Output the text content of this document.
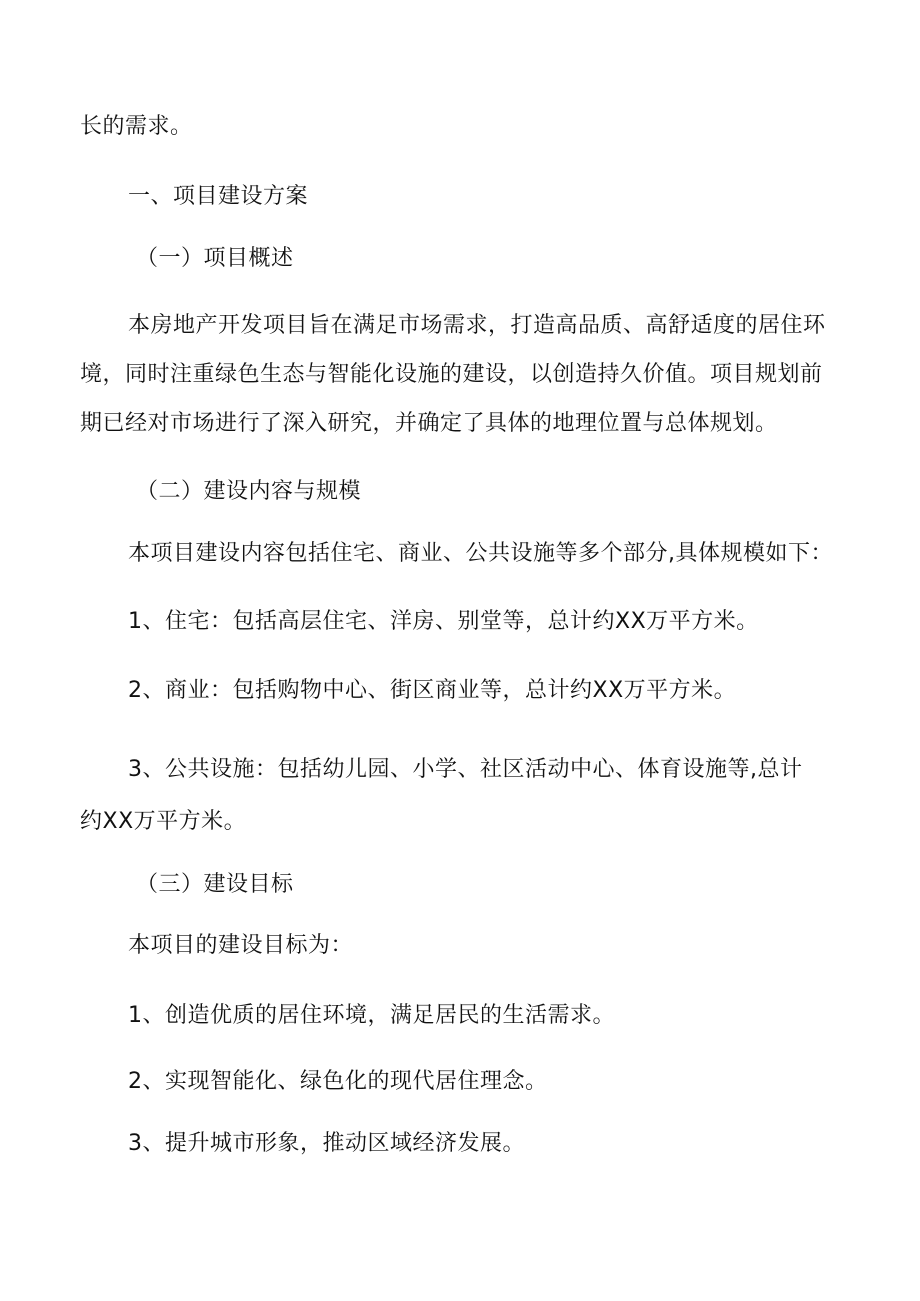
长的需求。
一、项目建设方案
（一）项目概述
本房地产开发项目旨在满足市场需求，打造高品质、高舒适度的居住环
境，同时注重绿色生态与智能化设施的建设，以创造持久价值。项目规划前
期已经对市场进行了深入研究，并确定了具体的地理位置与总体规划。
（二）建设内容与规模
本项目建设内容包括住宅、商业、公共设施等多个部分,具体规模如下：
1、住宅：包括高层住宅、洋房、别堂等，总计约XX万平方米。
2、商业：包括购物中心、街区商业等，总计约XX万平方米。
3、公共设施：包括幼儿园、小学、社区活动中心、体育设施等,总计
约XX万平方米。
（三）建设目标
本项目的建设目标为：
1、创造优质的居住环境，满足居民的生活需求。
2、实现智能化、绿色化的现代居住理念。
3、提升城市形象，推动区域经济发展。
